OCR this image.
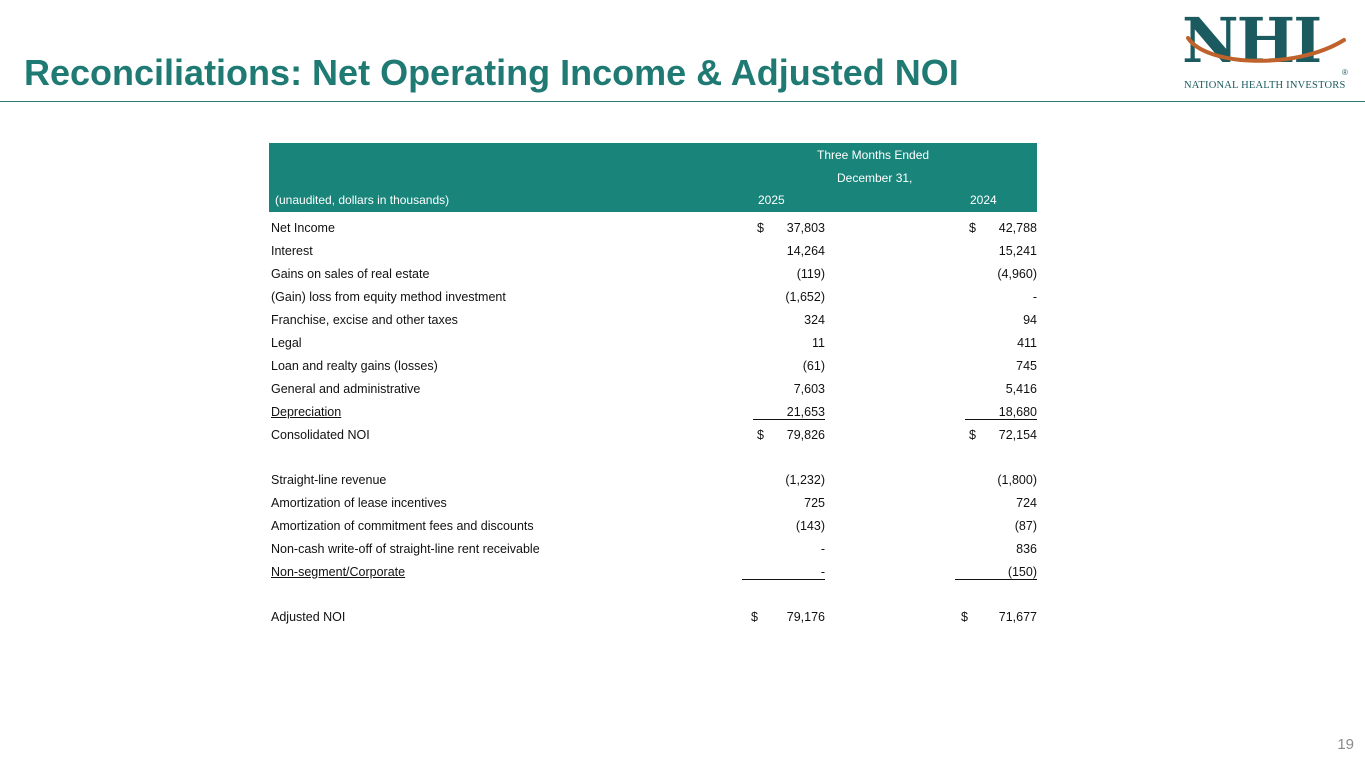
Reconciliations: Net Operating Income & Adjusted NOI	NHI	®
NATIONAL HEALTH INVESTORS
Three Months Ended
December 31,
(unaudited, dollars in thousands)	2025	2024
Net Income	$ 37,803	$ 42,788
Interest	14,264	15,241
Gains on sales of real estate	(119)	(4,960)
(Gain) loss from equity method investment	(1,652)	-
Franchise, excise and other taxes	324	94
Legal	11	411
Loan and realty gains (losses)	(61)	745
General and administrative	7,603	5,416
Depreciation	21,653	18,680
Consolidated NOI	$ 79,826	$ 72,154
Straight-line revenue	(1,232)	(1,800)
Amortization of lease incentives	725	724
Amortization of commitment fees and discounts	(143)	(87)
Non-cash write-off of straight-line rent receivable	-	836
Non-segment/Corporate	-	(150)
Adjusted NOI	$ 79,176	$ 71,677
19
